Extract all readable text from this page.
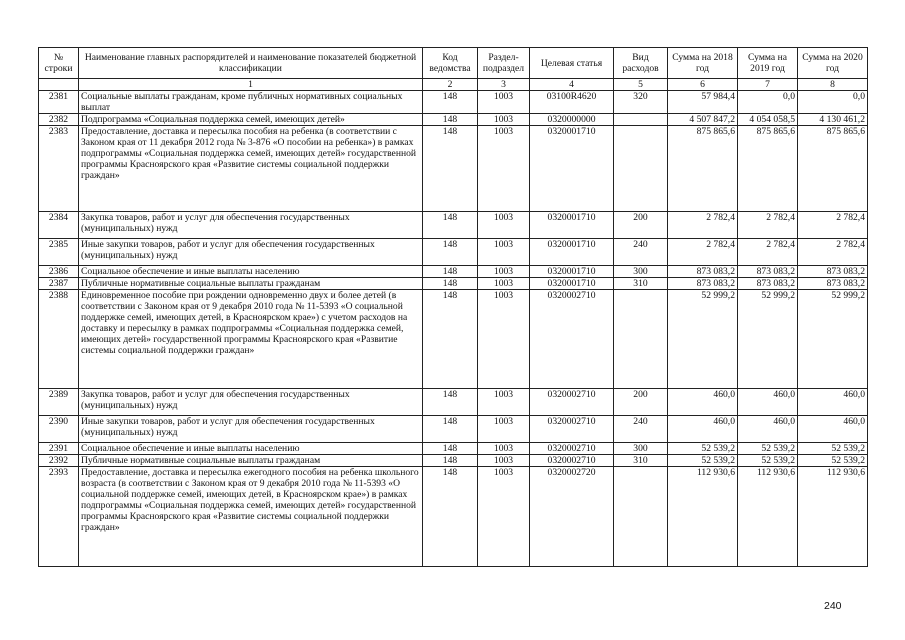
№ строки	Наименование главных распорядителей и наименование показателей бюджетной классификации	Код ведомства	Раздел-подраздел	Целевая статья	Вид расходов	Сумма на 2018 год	Сумма на 2019 год	Сумма на 2020 год
	1	2	3	4	5	6	7	8
2381	Социальные выплаты гражданам, кроме публичных нормативных социальных выплат	148	1003	03100R4620	320	57 984,4	0,0	0,0
2382	Подпрограмма «Социальная поддержка семей, имеющих детей»	148	1003	0320000000		4 507 847,2	4 054 058,5	4 130 461,2
2383	Предоставление, доставка и пересылка пособия на ребенка (в соответствии с Законом края от 11 декабря 2012 года № 3-876 «О пособии на ребенка») в рамках подпрограммы «Социальная поддержка семей, имеющих детей» государственной программы Красноярского края «Развитие системы социальной поддержки граждан»	148	1003	0320001710		875 865,6	875 865,6	875 865,6
2384	Закупка товаров, работ и услуг для обеспечения государственных (муниципальных) нужд	148	1003	0320001710	200	2 782,4	2 782,4	2 782,4
2385	Иные закупки товаров, работ и услуг для обеспечения государственных (муниципальных) нужд	148	1003	0320001710	240	2 782,4	2 782,4	2 782,4
2386	Социальное обеспечение и иные выплаты населению	148	1003	0320001710	300	873 083,2	873 083,2	873 083,2
2387	Публичные нормативные социальные выплаты гражданам	148	1003	0320001710	310	873 083,2	873 083,2	873 083,2
2388	Единовременное пособие при рождении одновременно двух и более детей (в соответствии с Законом края от 9 декабря 2010 года № 11-5393 «О социальной поддержке семей, имеющих детей, в Красноярском крае») с учетом расходов на доставку и пересылку в рамках подпрограммы «Социальная поддержка семей, имеющих детей» государственной программы Красноярского края «Развитие системы социальной поддержки граждан»	148	1003	0320002710		52 999,2	52 999,2	52 999,2
2389	Закупка товаров, работ и услуг для обеспечения государственных (муниципальных) нужд	148	1003	0320002710	200	460,0	460,0	460,0
2390	Иные закупки товаров, работ и услуг для обеспечения государственных (муниципальных) нужд	148	1003	0320002710	240	460,0	460,0	460,0
2391	Социальное обеспечение и иные выплаты населению	148	1003	0320002710	300	52 539,2	52 539,2	52 539,2
2392	Публичные нормативные социальные выплаты гражданам	148	1003	0320002710	310	52 539,2	52 539,2	52 539,2
2393	Предоставление, доставка и пересылка ежегодного пособия на ребенка школьного возраста (в соответствии с Законом края от 9 декабря 2010 года № 11-5393 «О социальной поддержке семей, имеющих детей, в Красноярском крае») в рамках подпрограммы «Социальная поддержка семей, имеющих детей» государственной программы Красноярского края «Развитие системы социальной поддержки граждан»	148	1003	0320002720		112 930,6	112 930,6	112 930,6
240
